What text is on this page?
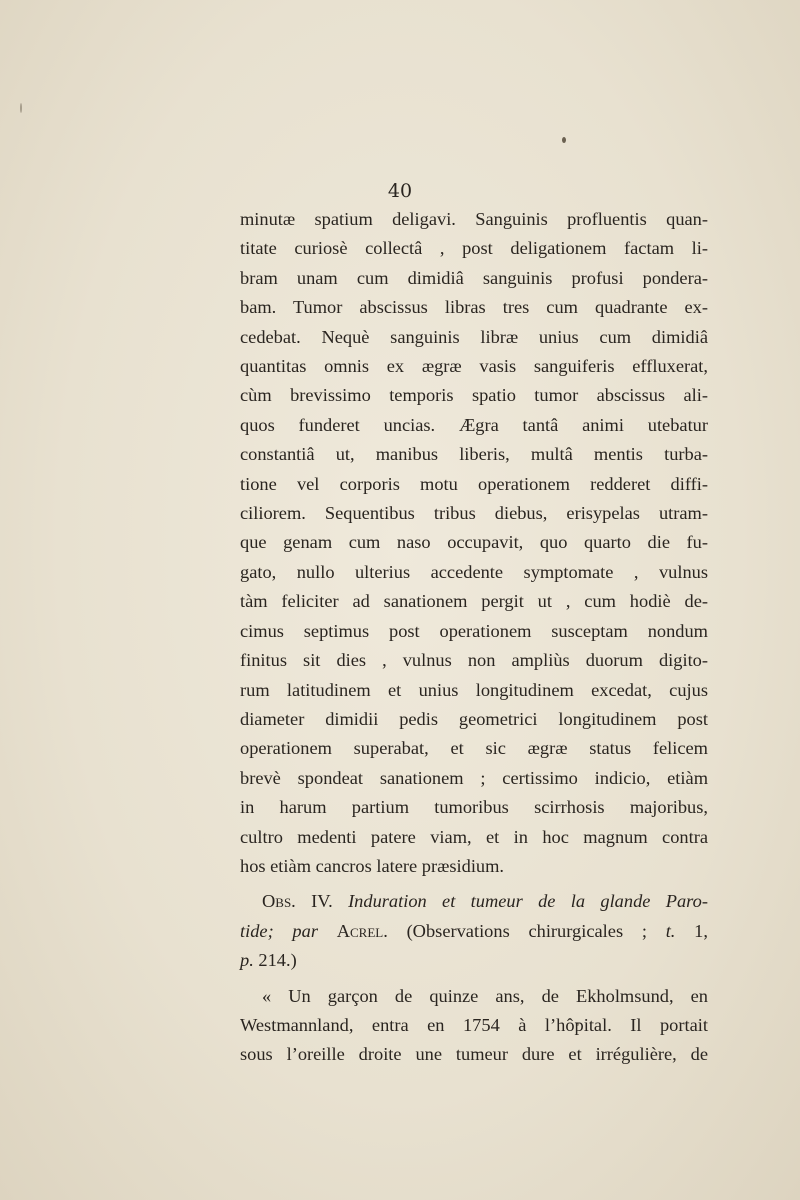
40
minutæ spatium deligavi. Sanguinis profluentis quan-
titate curiosè collectâ , post deligationem factam li-
bram unam cum dimidiâ sanguinis profusi pondera-
bam. Tumor abscissus libras tres cum quadrante ex-
cedebat. Nequè sanguinis libræ unius cum dimidiâ
quantitas omnis ex ægræ vasis sanguiferis effluxerat,
cùm brevissimo temporis spatio tumor abscissus ali-
quos funderet uncias. Ægra tantâ animi utebatur
constantiâ ut, manibus liberis, multâ mentis turba-
tione vel corporis motu operationem redderet diffi-
ciliorem. Sequentibus tribus diebus, erisypelas utram-
que genam cum naso occupavit, quo quarto die fu-
gato, nullo ulterius accedente symptomate , vulnus
tàm feliciter ad sanationem pergit ut , cum hodiè de-
cimus septimus post operationem susceptam nondum
finitus sit dies , vulnus non ampliùs duorum digito-
rum latitudinem et unius longitudinem excedat, cujus
diameter dimidii pedis geometrici longitudinem post
operationem superabat, et sic ægræ status felicem
brevè spondeat sanationem ; certissimo indicio, etiàm
in harum partium tumoribus scirrhosis majoribus,
cultro medenti patere viam, et in hoc magnum contra
hos etiàm cancros latere præsidium.
Obs. IV. Induration et tumeur de la glande Paro-
tide; par Acrel. (Observations chirurgicales ; t. 1,
p. 214.)
« Un garçon de quinze ans, de Ekholmsund, en
Westmannland, entra en 1754 à l’hôpital. Il portait
sous l’oreille droite une tumeur dure et irrégulière, de
